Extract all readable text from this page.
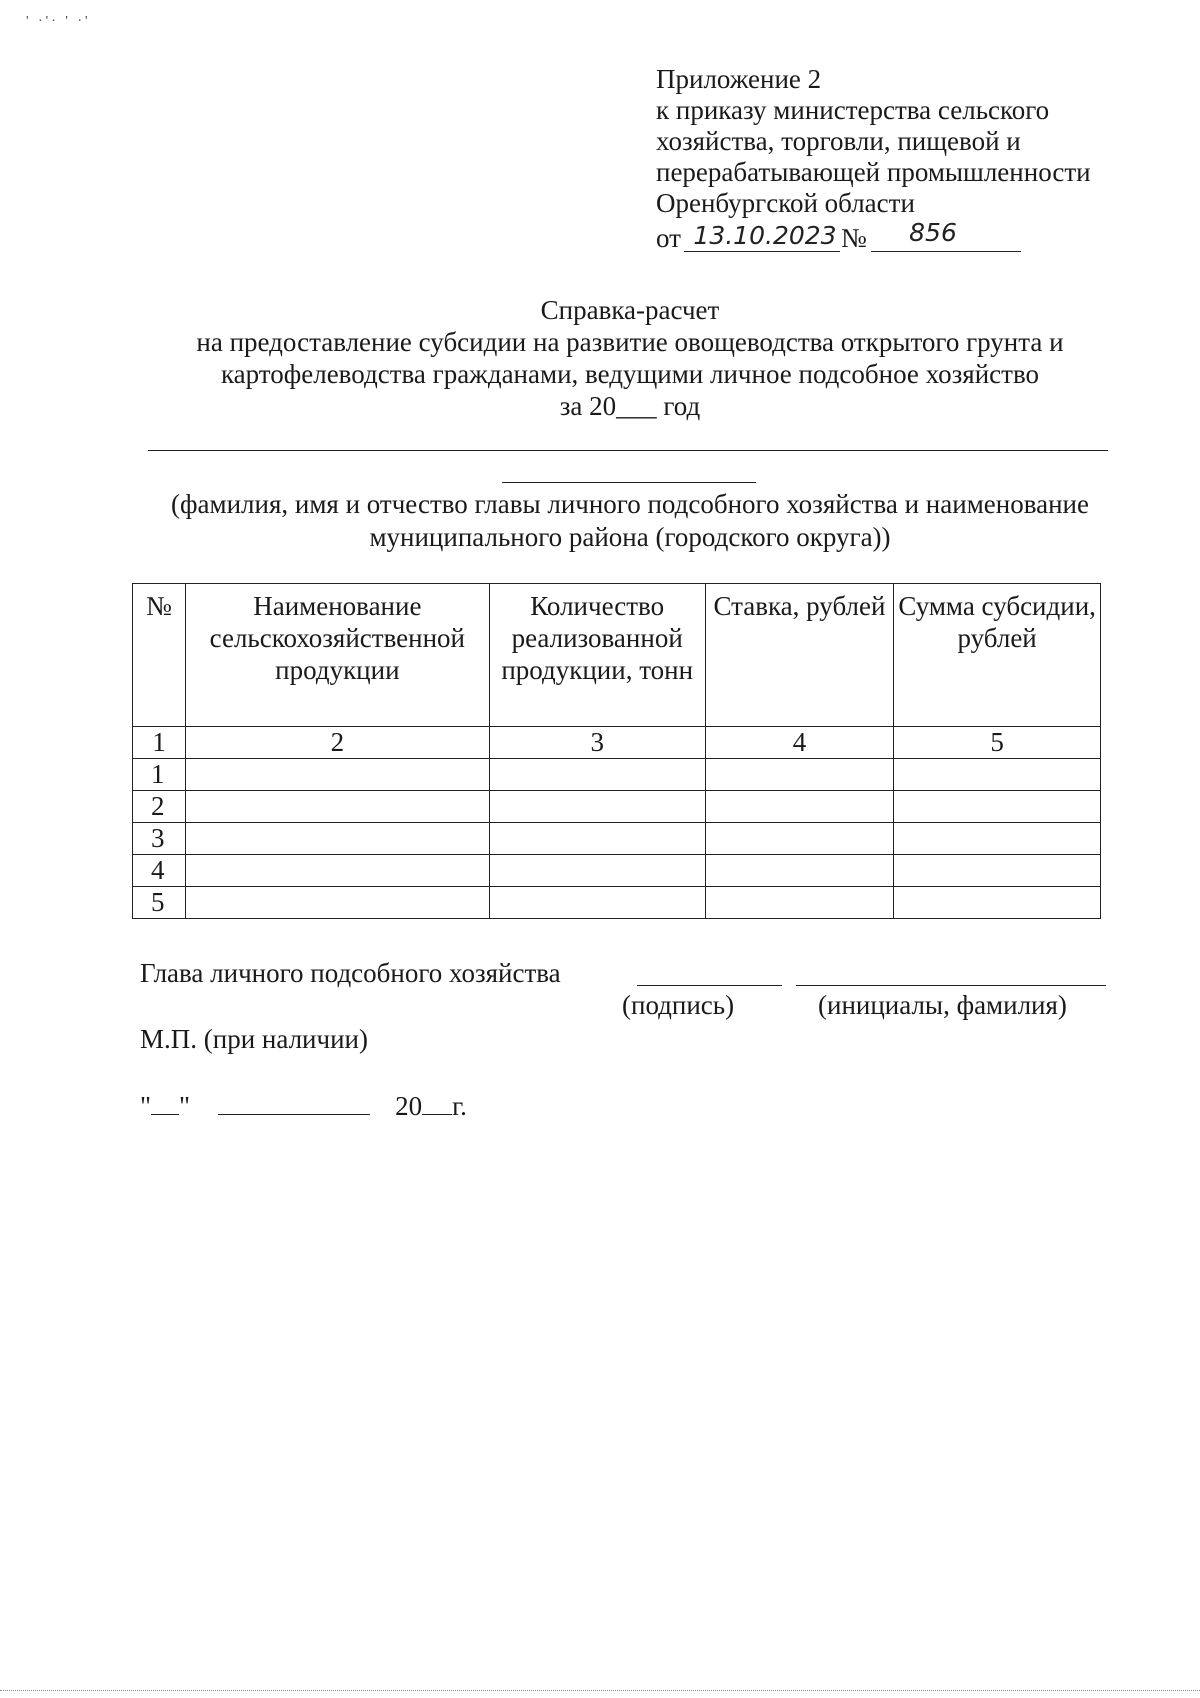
' ·'· ' ·'
Приложение 2
к приказу министерства сельского
хозяйства, торговли, пищевой и
перерабатывающей промышленности
Оренбургской области
от 13.10.2023 №	856
Справка-расчет
на предоставление субсидии на развитие овощеводства открытого грунта и
картофелеводства гражданами, ведущими личное подсобное хозяйство
за 20___ год
(фамилия, имя и отчество главы личного подсобного хозяйства и наименование
муниципального района (городского округа))
№	Наименование сельскохозяйственной продукции	Количество реализованной продукции, тонн	Ставка, рублей	Сумма субсидии, рублей
1	2	3	4	5
1				
2				
3				
4				
5				
Глава личного подсобного хозяйства
(подпись)	(инициалы, фамилия)
М.П. (при наличии)
" "	20 г.
